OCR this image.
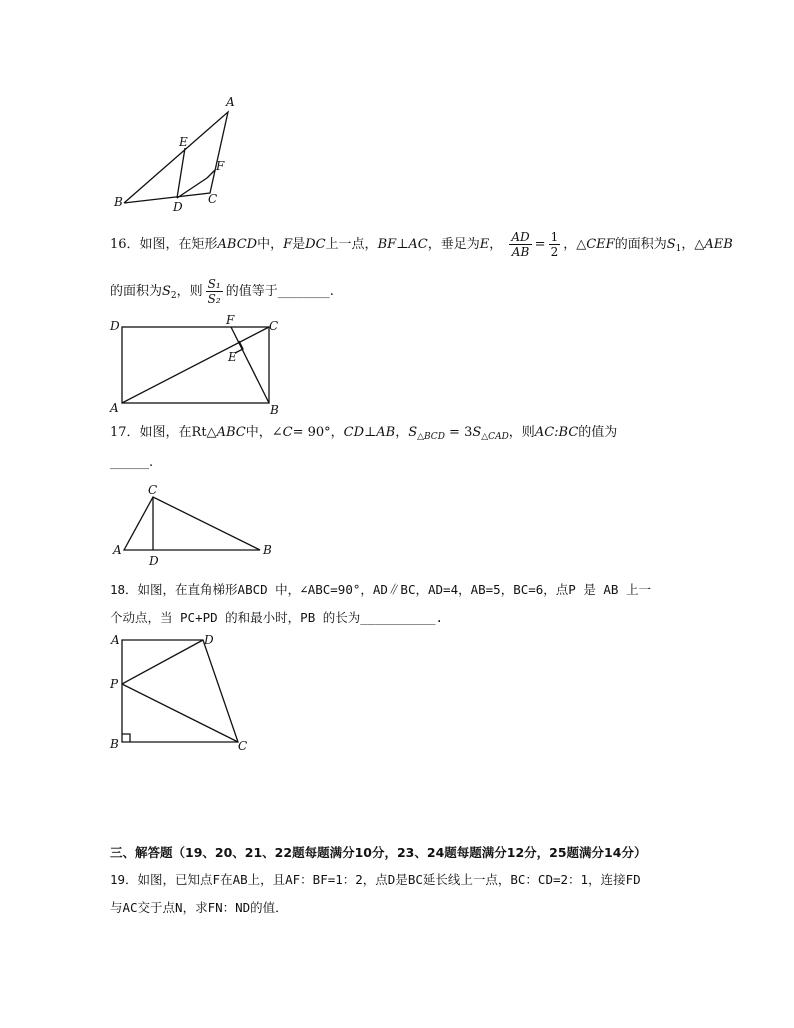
A
E
F
B	D
C
16．如图，在矩形ABCD中，F是DC上一点，BF⊥AC，垂足为E， $\frac{AD}{AB} = \frac{1}{2}$ ，△CEF的面积为$S_1$，△AEB
的面积为$S_2$，则 $\frac{\text{S₁}}{\text{S₂}}$ 的值等于________.
D	F	C
E
A	B
17．如图，在Rt△ABC中，∠C= 90°，CD⊥AB，$S_{\triangle BCD} = 3S_{\triangle CAD}$，则AC:BC的值为
______.
C
A
D
B
18．如图，在直角梯形ABCD 中，∠ABC=90°，AD∥BC，AD=4，AB=5，BC=6，点P 是 AB 上一
个动点，当 PC+PD 的和最小时，PB 的长为__________.
A	D
P
B	C
三、解答题（19、20、21、22题每题满分10分，23、24题每题满分12分，25题满分14分）
19．如图，已知点F在AB上，且AF：BF=1：2，点D是BC延长线上一点，BC：CD=2：1，连接FD
与AC交于点N，求FN：ND的值．
